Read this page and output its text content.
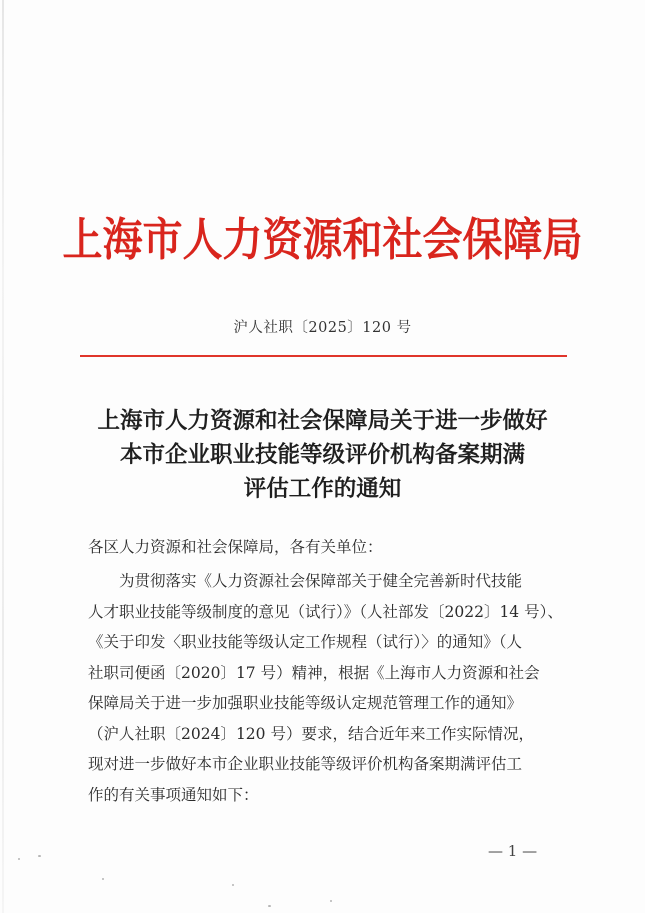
上海市人力资源和社会保障局
沪人社职〔2025〕120 号
上海市人力资源和社会保障局关于进一步做好
本市企业职业技能等级评价机构备案期满
评估工作的通知
各区人力资源和社会保障局，各有关单位：
　　为贯彻落实《人力资源社会保障部关于健全完善新时代技能
人才职业技能等级制度的意见（试行）》（人社部发〔2022〕14 号）、
《关于印发〈职业技能等级认定工作规程（试行）〉的通知》（人
社职司便函〔2020〕17 号）精神，根据《上海市人力资源和社会
保障局关于进一步加强职业技能等级认定规范管理工作的通知》
（沪人社职〔2024〕120 号）要求，结合近年来工作实际情况，
现对进一步做好本市企业职业技能等级评价机构备案期满评估工
作的有关事项通知如下：
— 1 —
